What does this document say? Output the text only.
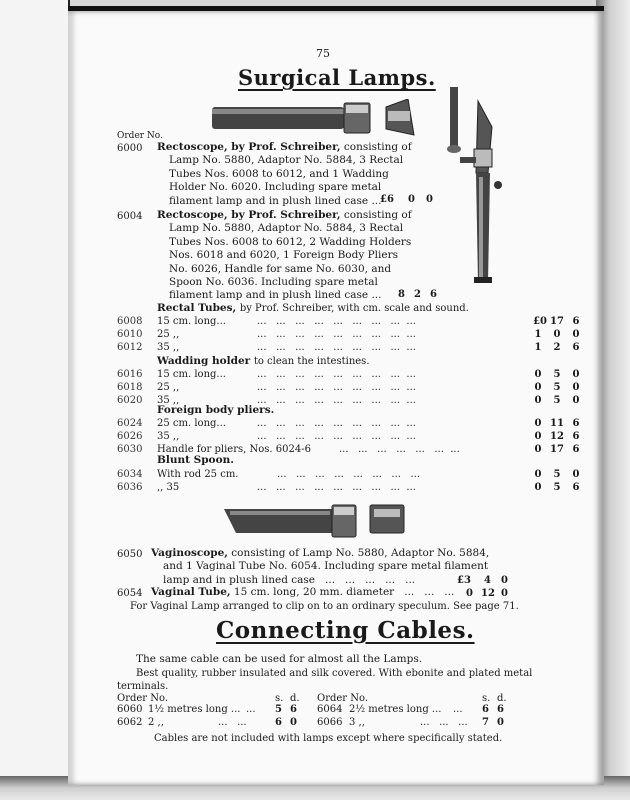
75
Surgical Lamps.
Order No.
6000 Rectoscope, by Prof. Schreiber, consisting of
Lamp No. 5880, Adaptor No. 5884, 3 Rectal
Tubes Nos. 6008 to 6012, and 1 Wadding
Holder No. 6020. Including spare metal
filament lamp and in plush lined case ...
£6 0 0
6004 Rectoscope, by Prof. Schreiber, consisting of
Lamp No. 5880, Adaptor No. 5884, 3 Rectal
Tubes Nos. 6008 to 6012, 2 Wadding Holders
Nos. 6018 and 6020, 1 Foreign Body Pliers
No. 6026, Handle for same No. 6030, and
Spoon No. 6036. Including spare metal
filament lamp and in plush lined case ...	8 2 6
Rectal Tubes, by Prof. Schreiber, with cm. scale and sound.
6008 15 cm. long...	...   ...   ...   ...   ...   ...   ...   ...  ...	£0 17 6
6010 25 ,,	...   ...   ...   ...   ...   ...   ...   ...  ...	1	0	0
6012 35 ,,	...   ...   ...   ...   ...   ...   ...   ...  ...	1	2	6
Wadding holder to clean the intestines.
6016 15 cm. long...	...   ...   ...   ...   ...   ...   ...   ...  ...	0	5	0
6018 25 ,,	...   ...   ...   ...   ...   ...   ...   ...  ...	0	5	0
6020 35 ,,	...   ...   ...   ...   ...   ...   ...   ...  ...	0	5	0
Foreign body pliers.
6024 25 cm. long...	...   ...   ...   ...   ...   ...   ...   ...  ...	0 11 6
6026 35 ,,	...   ...   ...   ...   ...   ...   ...   ...  ...	0 12 6
6030 Handle for pliers, Nos. 6024-6	...   ...   ...   ...   ...   ...  ...	0 17 6
Blunt Spoon.
6034 With rod 25 cm.	...   ...   ...   ...   ...   ...   ...   ...	0	5	0
6036 ,, 35	...   ...   ...   ...   ...   ...   ...   ...  ...	0	5	6
6050 Vaginoscope, consisting of Lamp No. 5880, Adaptor No. 5884,
and 1 Vaginal Tube No. 6054. Including spare metal filament
lamp and in plush lined case   ...   ...   ...   ...   ...	£3 4 0
6054 Vaginal Tube, 15 cm. long, 20 mm. diameter   ...   ...   ... 0 12 0
For Vaginal Lamp arranged to clip on to an ordinary speculum. See page 71.
Connecting Cables.
The same cable can be used for almost all the Lamps.
Best quality, rubber insulated and silk covered. With ebonite and plated metal
terminals.
Order No.	s. d. Order No.	s. d.
6060 1½ metres long ... ... 5 6 6064 2½ metres long ... ... 6 6
6062 2 ,,	...   ...	6 0 6066 3 ,,	...   ...   ... 7 0
Cables are not included with lamps except where specifically stated.
